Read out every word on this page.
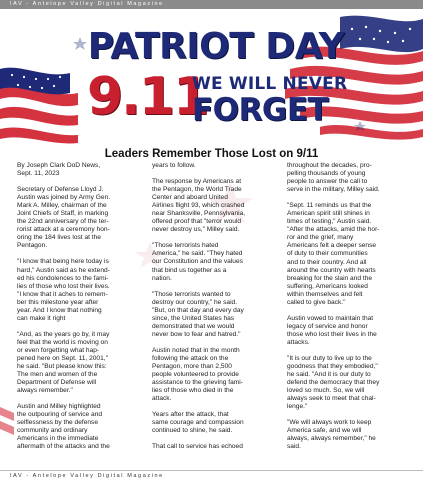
IAV - Antelope Valley Digital Magazine
PATRIOT DAY
9.11
WE WILL NEVER
FORGET
Leaders Remember Those Lost on 9/11

By Joseph Clark DoD News,
Sept. 11, 2023

Secretary of Defense Lloyd J.
Austin was joined by Army Gen.
Mark A. Milley, chairman of the
Joint Chiefs of Staff, in marking
the 22nd anniversary of the ter-
rorist attack at a ceremony hon-
oring the 184 lives lost at the
Pentagon.

"I know that being here today is
hard," Austin said as he extend-
ed his condolences to the fami-
lies of those who lost their lives.
"I know that it aches to remem-
ber this milestone year after
year. And I know that nothing
can make it right

"And, as the years go by, it may
feel that the world is moving on
or even forgetting what hap-
pened here on Sept. 11, 2001,"
he said. "But please know this:
The men and women of the
Department of Defense will
always remember."

Austin and Milley highlighted
the outpouring of service and
selflessness by the defense
community and ordinary
Americans in the immediate
aftermath of the attacks and the

years to follow.

The response by Americans at
the Pentagon, the World Trade
Center and aboard United
Airlines flight 93, which crashed
near Shanksville, Pennsylvania,
offered proof that "terror would
never destroy us," Milley said.

"Those terrorists hated
America," he said. "They hated
our Constitution and the values
that bind us together as a
nation.

"Those terrorists wanted to
destroy our country," he said.
"But, on that day and every day
since, the United States has
demonstrated that we would
never bow to fear and hatred."

Austin noted that in the month
following the attack on the
Pentagon, more than 2,500
people volunteered to provide
assistance to the grieving fami-
lies of those who died in the
attack.

Years after the attack, that
same courage and compassion
continued to shine, he said.

That call to service has echoed

throughout the decades, pro-
pelling thousands of young
people to answer the call to
serve in the military, Milley said.

"Sept. 11 reminds us that the
American spirit still shines in
times of testing," Austin said.
"After the attacks, amid the hor-
ror and the grief, many
Americans felt a deeper sense
of duty to their communities
and to their country. And all
around the country with hearts
breaking for the slain and the
suffering, Americans looked
within themselves and felt
called to give back."

Austin vowed to maintain that
legacy of service and honor
those who lost their lives in the
attacks.

"It is our duty to live up to the
goodness that they embodied,"
he said. "And it is our duty to
defend the democracy that they
loved so much. So, we will
always seek to meet that chal-
lenge."

"We will always work to keep
America safe, and we will
always, always remember," he
said.

IAV - Antelope Valley Digital Magazine
